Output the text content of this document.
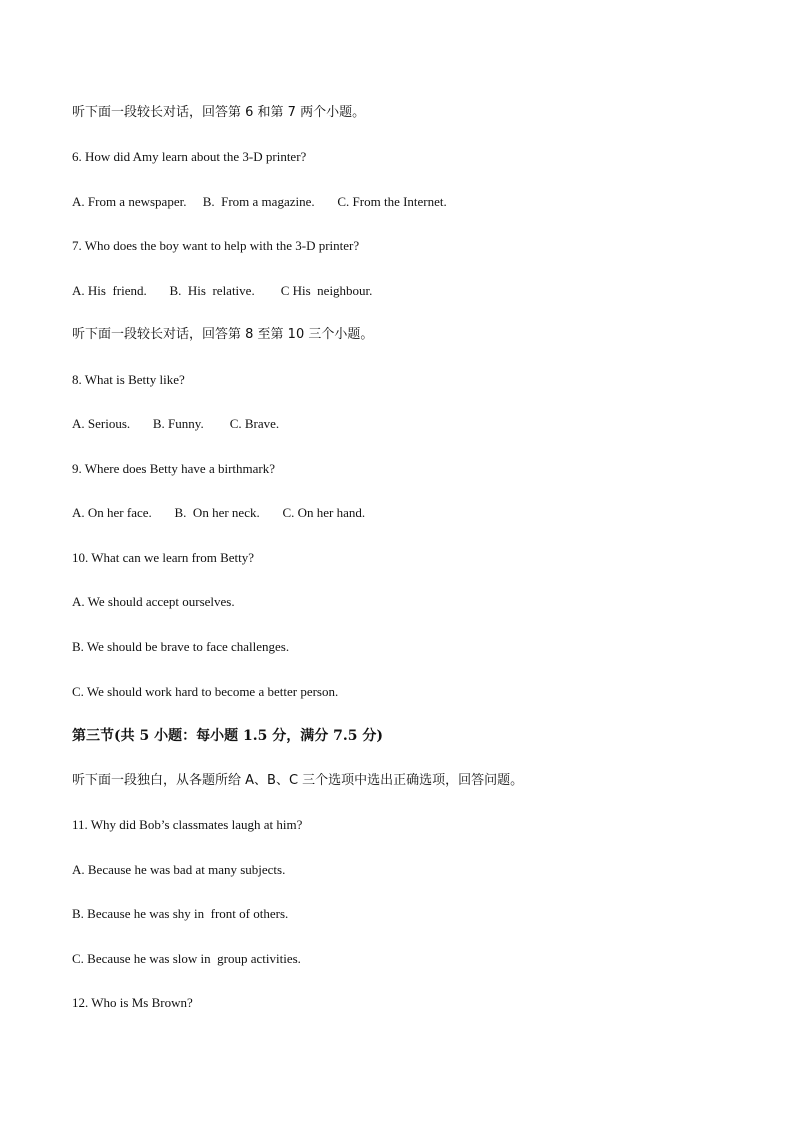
听下面一段较长对话，回答第 6 和第 7 两个小题。
6. How did Amy learn about the 3-D printer?
A. From a newspaper.     B.  From a magazine.       C. From the Internet.
7. Who does the boy want to help with the 3-D printer?
A. His  friend.       B.  His  relative.        C His  neighbour.
听下面一段较长对话，回答第 8 至第 10 三个小题。
8. What is Betty like?
A. Serious.       B. Funny.        C. Brave.
9. Where does Betty have a birthmark?
A. On her face.       B.  On her neck.       C. On her hand.
10. What can we learn from Betty?
A. We should accept ourselves.
B. We should be brave to face challenges.
C. We should work hard to become a better person.
第三节(共 5 小题：每小题 1.5 分，满分 7.5 分)
听下面一段独白，从各题所给 A、B、C 三个选项中选出正确选项，回答问题。
11. Why did Bob’s classmates laugh at him?
A. Because he was bad at many subjects.
B. Because he was shy in  front of others.
C. Because he was slow in  group activities.
12. Who is Ms Brown?
